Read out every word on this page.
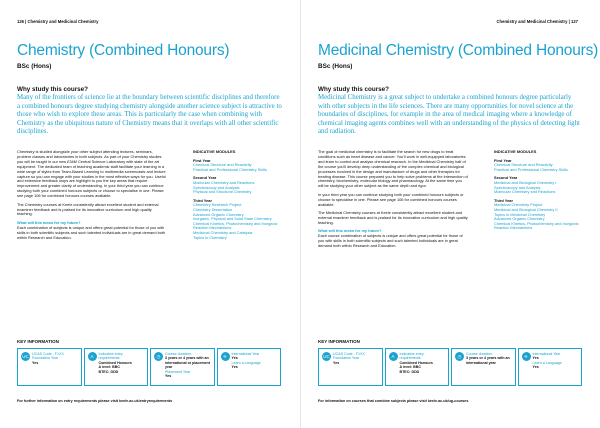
126 | Chemistry and Medicinal Chemistry
Chemistry (Combined Honours)
BSc (Hons)
Why study this course?
Many of the frontiers of science lie at the boundary between scientific disciplines and therefore a combined honours degree studying chemistry alongside another science subject is attractive to those who wish to explore these areas. This is particularly the case when combining with Chemistry as the ubiquitous nature of Chemistry means that it overlaps with all other scientific disciplines.

Chemistry is studied alongside your other subject attending lectures, seminars, problem classes and laboratories in both subjects. As part of your Chemistry studies you will be taught in our new £34M Central Science Laboratory with state of the art equipment. The dedicated team of teaching academic staff facilitate your learning in a wide range of styles from Team-Based Learning to multimedia screencasts and lecture capture so you can engage with your studies in the most effective ways for you. Useful and extensive feedback loops are highlight to you the key areas that require improvement and greater clarity of understanding. In your third year you can continue studying both your combined honours subjects or choose to specialise in one. Please see page 106 for combined honours courses available.

The Chemistry courses at Keele consistently attract excellent student and external examiner feedback and is praised for its innovative curriculum and high quality teaching.

What will this mean for my future?

Each combination of subjects is unique and offers great potential for those of you with skills in both scientific subjects and such talented individuals are in great demand both within Research and Education.

INDICATIVE MODULES
First Year
Chemical Structure and Reactivity
Practical and Professional Chemistry Skills
Second Year
Molecular Chemistry and Reactions
Spectroscopy and Analysis
Physical and Structural Chemistry
Third Year
Chemistry Research Project
Chemistry Dissertation
Advanced Organic Chemistry
Inorganic, Physical and Solid State Chemistry
Chemical Kinetics, Photochemistry and Inorganic Reaction Mechanisms
Medicinal Chemistry and Catalysis
Topics in Chemistry
KEY INFORMATION
UC UCAS Code - F1XX
Foundation Year
Yes
A	Indicative entry requirements:
Combined Honours
A level: BBC
BTEC: DDD
◷	Course duration:
3 years or 4 years with an international or placement year
Placement Year
Yes
✈	International Year
Yes
Learn a Language
Yes
For further information on entry requirements please visit keele.ac.uk/entryrequirements
Chemistry and Medicinal Chemistry | 127
Medicinal Chemistry (Combined Honours)
BSc (Hons)
Why study this course?
Medicinal Chemistry is a great subject to undertake a combined honours degree particularly with other subjects in the life sciences. There are many opportunities for novel science at the boundaries of disciplines, for example in the area of medical imaging where a knowledge of chemical imaging agents combines well with an understanding of the physics of detecting light and radiation.

The goal of medicinal chemistry is to facilitate the search for new drugs to treat conditions such as heart disease and cancer. You'll work in well-equipped laboratories and learn to control and analyse chemical research. In the Medicinal Chemistry half of the course you'll develop deep understanding of the complex chemical and biological processes involved in the design and manufacture of drugs and other therapies for treating disease. This course prepared you to help solve problems at the intersection of chemistry, biochemistry, molecular biology and pharmacology. At the same time you will be studying your other subject as the same depth and rigor.

In your third year you can continue studying both your combined honours subjects or choose to specialise in one. Please see page 106 for combined honours courses available.

The Medicinal Chemistry courses at Keele consistently attract excellent student and external examiner feedback and is praised for its innovative curriculum and high quality teaching.

What will this mean for my future?

Each course combination of subjects is unique and offers great potential for those of you with skills in both scientific subjects and such talented individuals are in great demand both within Research and Education.

INDICATIVE MODULES
First Year
Chemical Structure and Reactivity
Practical and Professional Chemistry Skills
Second Year
Medicinal and Biological Chemistry I
Spectroscopy and Analysis
Molecular Chemistry and Reactions
Third Year
Medicinal Chemistry Project
Medicinal and Biological Chemistry II
Topics in Medicinal Chemistry
Advanced Organic Chemistry
Chemical Kinetics, Photochemistry and Inorganic Reaction Mechanisms
KEY INFORMATION
UC UCAS Code - F1XX
Foundation Year
Yes
A	Indicative entry requirements:
Combined Honours
A level: BBC
BTEC: DDD
◷	Course duration:
3 years or 4 years with an international year
✈	International Year
Yes
Learn a Language
Yes
For information on courses that combine subjects please visit keele.ac.uk/ug-courses
